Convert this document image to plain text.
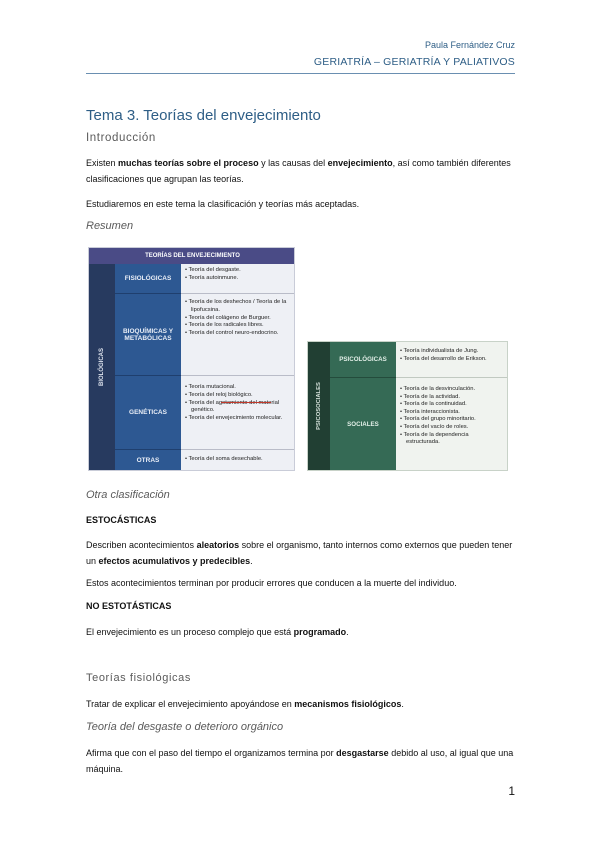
Paula Fernández Cruz
GERIATRÍA – GERIATRÍA Y PALIATIVOS
Tema 3. Teorías del envejecimiento
Introducción
Existen muchas teorías sobre el proceso y las causas del envejecimiento, así como también diferentes clasificaciones que agrupan las teorías.
Estudiaremos en este tema la clasificación y teorías más aceptadas.
Resumen
TEORÍAS DEL ENVEJECIMIENTO
BIOLÓGICAS
FISIOLÓGICAS
• Teoría del desgaste.
• Teoría autoinmune.
BIOQUÍMICAS Y METABÓLICAS
• Teoría de los deshechos / Teoría de la lipofucsina.
• Teoría del colágeno de Burguer.
• Teoría de los radicales libres.
• Teoría del control neuro-endocrino.
GENÉTICAS
• Teoría mutacional.
• Teoría del reloj biológico.
• Teoría del agotamiento del material genético.
• Teoría del envejecimiento molecular.
OTRAS	• Teoría del soma desechable.
PSICOSOCIALES
PSICOLÓGICAS
• Teoría individualista de Jung.
• Teoría del desarrollo de Erikson.
SOCIALES
• Teoría de la desvinculación.
• Teoría de la actividad.
• Teoría de la continuidad.
• Teoría interaccionista.
• Teoría del grupo minoritario.
• Teoría del vacío de roles.
• Teoría de la dependencia estructurada.
Otra clasificación
ESTOCÁSTICAS
Describen acontecimientos aleatorios sobre el organismo, tanto internos como externos que pueden tener un efectos acumulativos y predecibles.
Estos acontecimientos terminan por producir errores que conducen a la muerte del individuo.
NO ESTOTÁSTICAS
El envejecimiento es un proceso complejo que está programado.
Teorías fisiológicas
Tratar de explicar el envejecimiento apoyándose en mecanismos fisiológicos.
Teoría del desgaste o deterioro orgánico
Afirma que con el paso del tiempo el organizamos termina por desgastarse debido al uso, al igual que una máquina.
1
